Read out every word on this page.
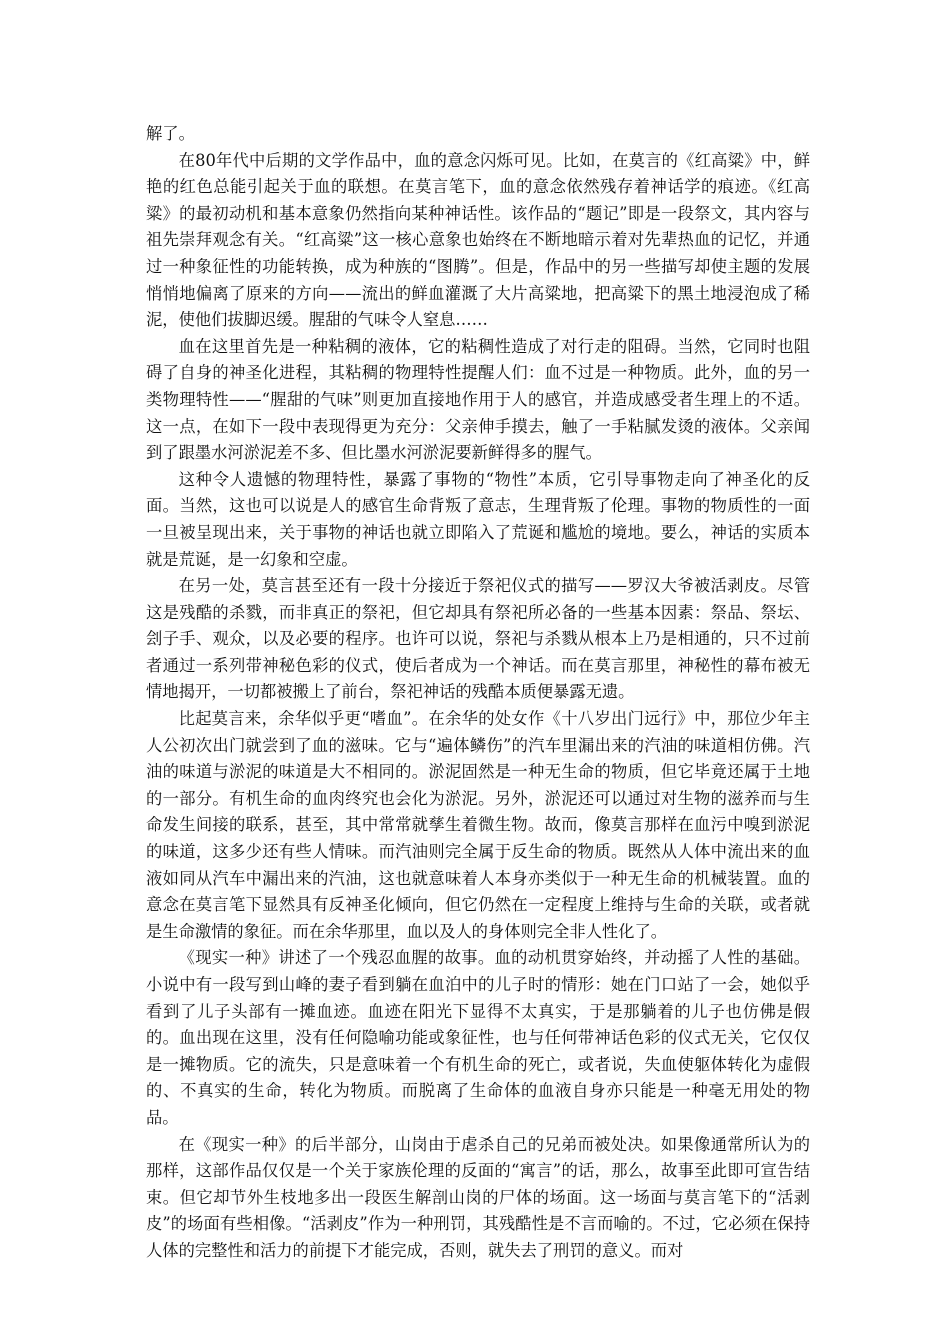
解了。

在80年代中后期的文学作品中，血的意念闪烁可见。比如，在莫言的《红高粱》中，鲜艳的红色总能引起关于血的联想。在莫言笔下，血的意念依然残存着神话学的痕迹。《红高粱》的最初动机和基本意象仍然指向某种神话性。该作品的“题记”即是一段祭文，其内容与祖先崇拜观念有关。“红高粱”这一核心意象也始终在不断地暗示着对先辈热血的记忆，并通过一种象征性的功能转换，成为种族的“图腾”。但是，作品中的另一些描写却使主题的发展悄悄地偏离了原来的方向——流出的鲜血灌溉了大片高粱地，把高粱下的黑土地浸泡成了稀泥，使他们拔脚迟缓。腥甜的气味令人窒息……

血在这里首先是一种粘稠的液体，它的粘稠性造成了对行走的阻碍。当然，它同时也阻碍了自身的神圣化进程，其粘稠的物理特性提醒人们：血不过是一种物质。此外，血的另一类物理特性——“腥甜的气味”则更加直接地作用于人的感官，并造成感受者生理上的不适。这一点，在如下一段中表现得更为充分：父亲伸手摸去，触了一手粘腻发烫的液体。父亲闻到了跟墨水河淤泥差不多、但比墨水河淤泥要新鲜得多的腥气。

这种令人遗憾的物理特性，暴露了事物的“物性”本质，它引导事物走向了神圣化的反面。当然，这也可以说是人的感官生命背叛了意志，生理背叛了伦理。事物的物质性的一面一旦被呈现出来，关于事物的神话也就立即陷入了荒诞和尴尬的境地。要么，神话的实质本就是荒诞，是一幻象和空虚。

在另一处，莫言甚至还有一段十分接近于祭祀仪式的描写——罗汉大爷被活剥皮。尽管这是残酷的杀戮，而非真正的祭祀，但它却具有祭祀所必备的一些基本因素：祭品、祭坛、刽子手、观众，以及必要的程序。也许可以说，祭祀与杀戮从根本上乃是相通的，只不过前者通过一系列带神秘色彩的仪式，使后者成为一个神话。而在莫言那里，神秘性的幕布被无情地揭开，一切都被搬上了前台，祭祀神话的残酷本质便暴露无遗。

比起莫言来，余华似乎更“嗜血”。在余华的处女作《十八岁出门远行》中，那位少年主人公初次出门就尝到了血的滋味。它与“遍体鳞伤”的汽车里漏出来的汽油的味道相仿佛。汽油的味道与淤泥的味道是大不相同的。淤泥固然是一种无生命的物质，但它毕竟还属于土地的一部分。有机生命的血肉终究也会化为淤泥。另外，淤泥还可以通过对生物的滋养而与生命发生间接的联系，甚至，其中常常就孳生着微生物。故而，像莫言那样在血污中嗅到淤泥的味道，这多少还有些人情味。而汽油则完全属于反生命的物质。既然从人体中流出来的血液如同从汽车中漏出来的汽油，这也就意味着人本身亦类似于一种无生命的机械装置。血的意念在莫言笔下显然具有反神圣化倾向，但它仍然在一定程度上维持与生命的关联，或者就是生命激情的象征。而在余华那里，血以及人的身体则完全非人性化了。

《现实一种》讲述了一个残忍血腥的故事。血的动机贯穿始终，并动摇了人性的基础。小说中有一段写到山峰的妻子看到躺在血泊中的儿子时的情形：她在门口站了一会，她似乎看到了儿子头部有一摊血迹。血迹在阳光下显得不太真实，于是那躺着的儿子也仿佛是假的。血出现在这里，没有任何隐喻功能或象征性，也与任何带神话色彩的仪式无关，它仅仅是一摊物质。它的流失，只是意味着一个有机生命的死亡，或者说，失血使躯体转化为虚假的、不真实的生命，转化为物质。而脱离了生命体的血液自身亦只能是一种毫无用处的物品。

在《现实一种》的后半部分，山岗由于虐杀自己的兄弟而被处决。如果像通常所认为的那样，这部作品仅仅是一个关于家族伦理的反面的“寓言”的话，那么，故事至此即可宣告结束。但它却节外生枝地多出一段医生解剖山岗的尸体的场面。这一场面与莫言笔下的“活剥皮”的场面有些相像。“活剥皮”作为一种刑罚，其残酷性是不言而喻的。不过，它必须在保持人体的完整性和活力的前提下才能完成，否则，就失去了刑罚的意义。而对
